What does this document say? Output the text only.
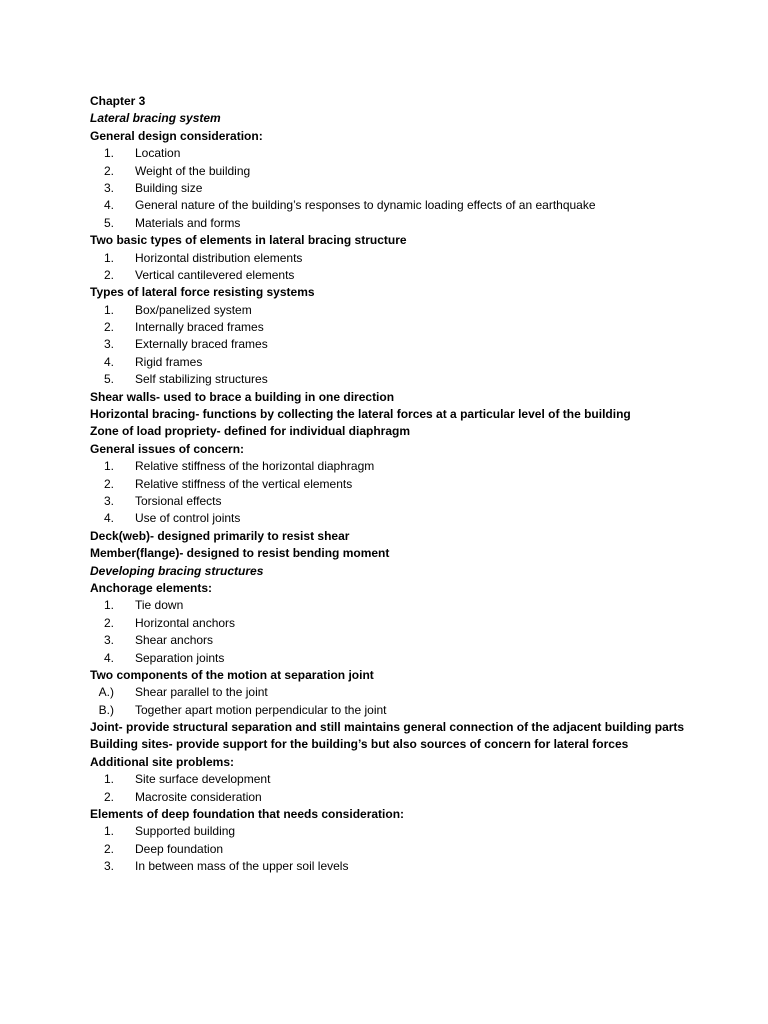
Chapter 3
Lateral bracing system
General design consideration:
1. Location
2. Weight of the building
3. Building size
4. General nature of the building’s responses to dynamic loading effects of an earthquake
5. Materials and forms
Two basic types of elements in lateral bracing structure
1. Horizontal distribution elements
2. Vertical cantilevered elements
Types of lateral force resisting systems
1. Box/panelized system
2. Internally braced frames
3. Externally braced frames
4. Rigid frames
5. Self stabilizing structures
Shear walls- used to brace a building in one direction
Horizontal bracing- functions by collecting the lateral forces at a particular level of the building
Zone of load propriety- defined for individual diaphragm
General issues of concern:
1. Relative stiffness of the horizontal diaphragm
2. Relative stiffness of the vertical elements
3. Torsional effects
4. Use of control joints
Deck(web)- designed primarily to resist shear
Member(flange)- designed to resist bending moment
Developing bracing structures
Anchorage elements:
1. Tie down
2. Horizontal anchors
3. Shear anchors
4. Separation joints
Two components of the motion at separation joint
A.) Shear parallel to the joint
B.) Together apart motion perpendicular to the joint
Joint- provide structural separation and still maintains general connection of the adjacent building parts
Building sites- provide support for the building’s but also sources of concern for lateral forces
Additional site problems:
1. Site surface development
2. Macrosite consideration
Elements of deep foundation that needs consideration:
1. Supported building
2. Deep foundation
3. In between mass of the upper soil levels
